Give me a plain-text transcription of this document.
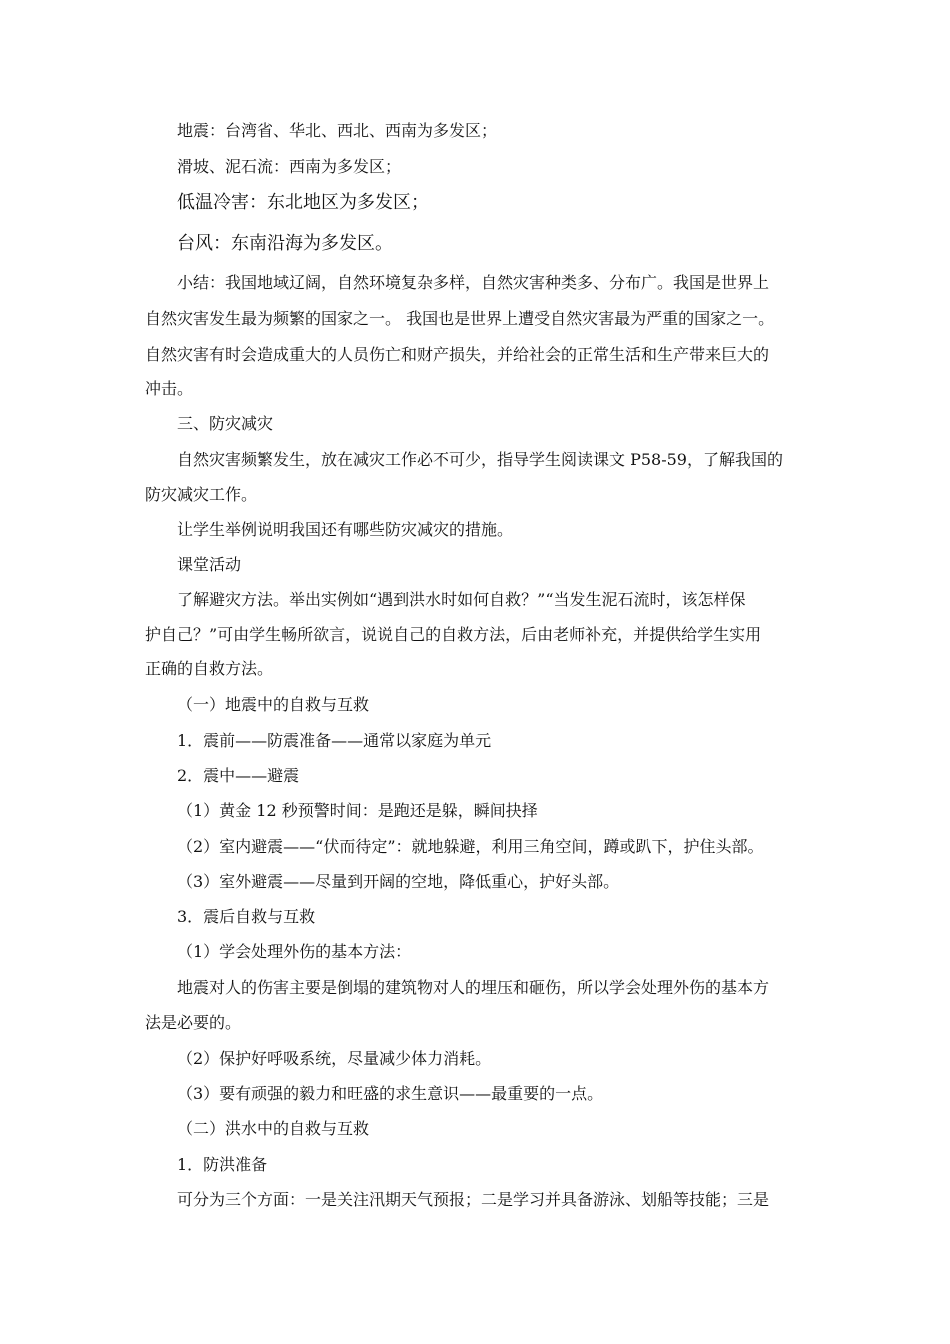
地震：台湾省、华北、西北、西南为多发区；
滑坡、泥石流：西南为多发区；
低温冷害：东北地区为多发区；
台风：东南沿海为多发区。
小结：我国地域辽阔，自然环境复杂多样，自然灾害种类多、分布广。我国是世界上
自然灾害发生最为频繁的国家之一。 我国也是世界上遭受自然灾害最为严重的国家之一。
自然灾害有时会造成重大的人员伤亡和财产损失，并给社会的正常生活和生产带来巨大的
冲击。
三、防灾减灾
自然灾害频繁发生，放在减灾工作必不可少，指导学生阅读课文 P58-59，了解我国的
防灾减灾工作。
让学生举例说明我国还有哪些防灾减灾的措施。
课堂活动
了解避灾方法。举出实例如“遇到洪水时如何自救？”“当发生泥石流时，该怎样保
护自己？”可由学生畅所欲言，说说自己的自救方法，后由老师补充，并提供给学生实用
正确的自救方法。
（一）地震中的自救与互救
1．震前——防震准备——通常以家庭为单元
2．震中——避震
（1）黄金 12 秒预警时间：是跑还是躲，瞬间抉择
（2）室内避震——“伏而待定”：就地躲避，利用三角空间，蹲或趴下，护住头部。
（3）室外避震——尽量到开阔的空地，降低重心，护好头部。
3．震后自救与互救
（1）学会处理外伤的基本方法：
地震对人的伤害主要是倒塌的建筑物对人的埋压和砸伤，所以学会处理外伤的基本方
法是必要的。
（2）保护好呼吸系统，尽量减少体力消耗。
（3）要有顽强的毅力和旺盛的求生意识——最重要的一点。
（二）洪水中的自救与互救
1．防洪准备
可分为三个方面：一是关注汛期天气预报；二是学习并具备游泳、划船等技能；三是
